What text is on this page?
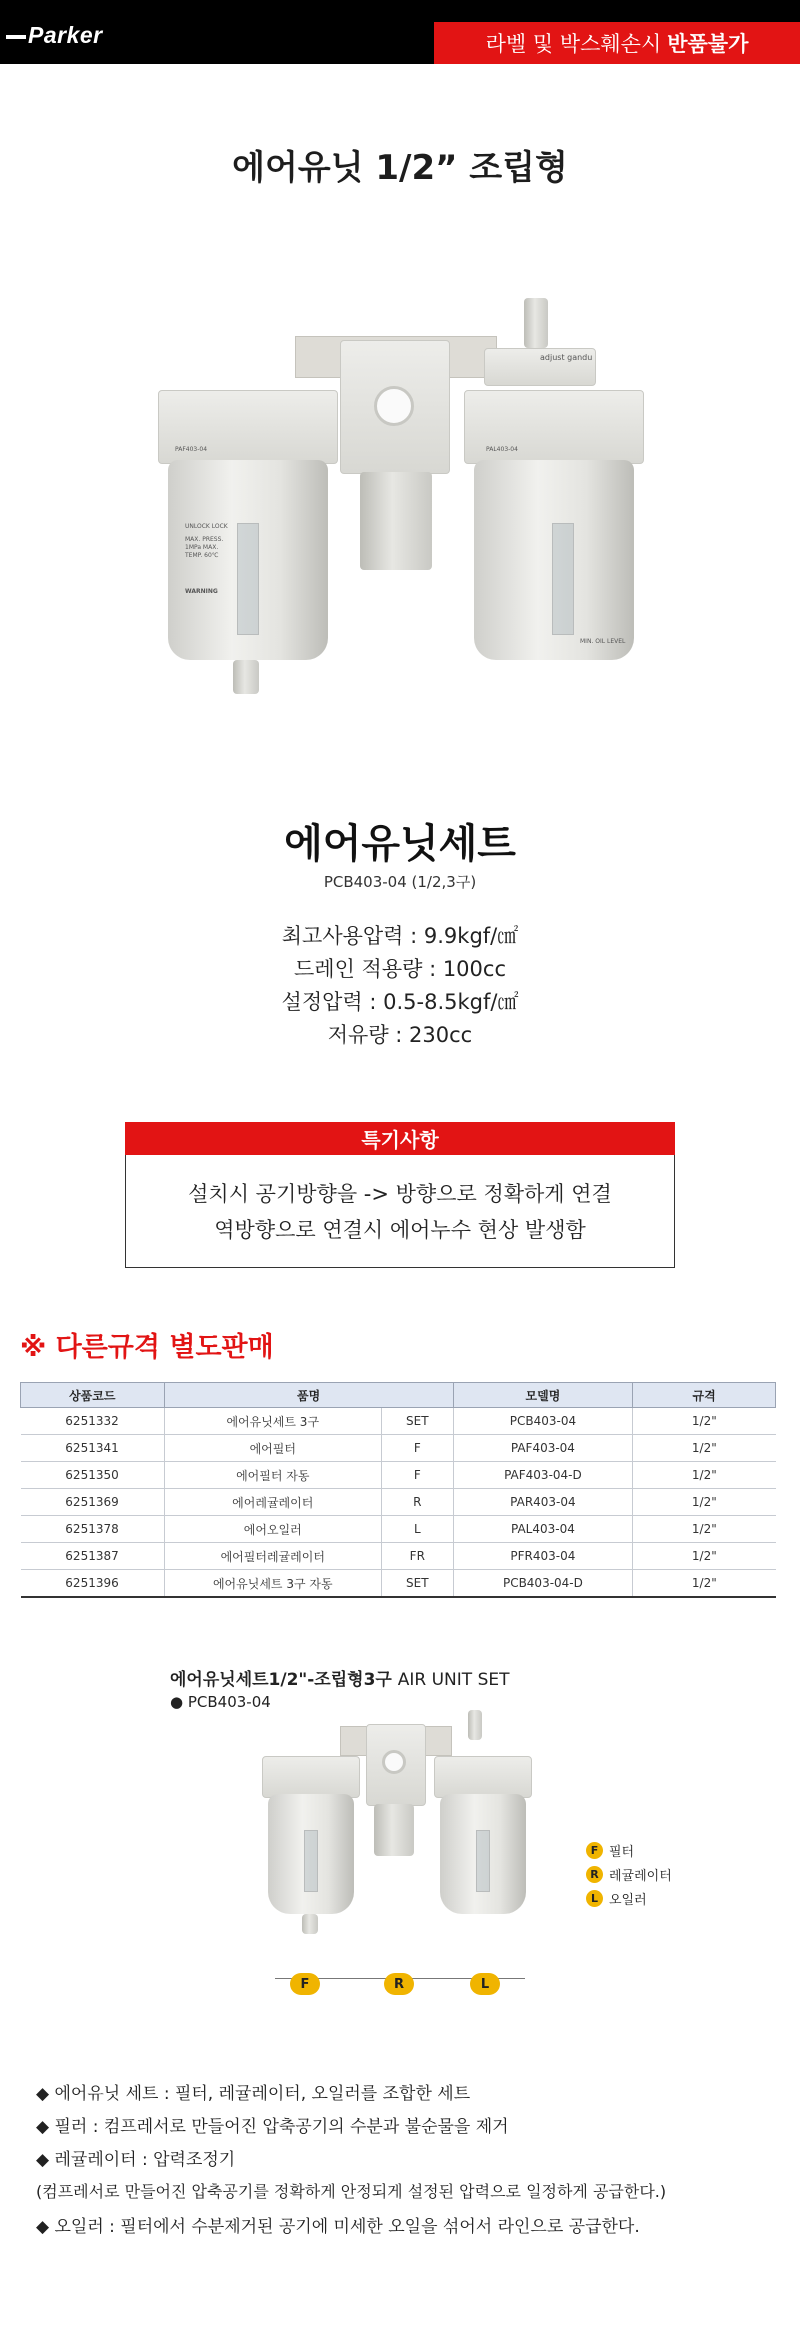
Parker	라벨 및 박스훼손시 반품불가
에어유닛 1/2” 조립형
PAF403-04
UNLOCK LOCK
MAX. PRESS. 1MPa MAX. TEMP. 60℃
WARNING
adjust gandu
PAL403-04
MIN. OIL LEVEL
에어유닛세트
PCB403-04 (1/2,3구)
최고사용압력 : 9.9kgf/㎠
드레인 적용량 : 100cc
설정압력 : 0.5-8.5kgf/㎠
저유량 : 230cc
특기사항
설치시 공기방향을 -> 방향으로 정확하게 연결
역방향으로 연결시 에어누수 현상 발생함
※ 다른규격 별도판매
상품코드	품명		모델명	규격
6251332	에어유닛세트 3구	SET	PCB403-04	1/2"
6251341	에어필터	F	PAF403-04	1/2"
6251350	에어필터 자동	F	PAF403-04-D	1/2"
6251369	에어레귤레이터	R	PAR403-04	1/2"
6251378	에어오일러	L	PAL403-04	1/2"
6251387	에어필터레귤레이터	FR	PFR403-04	1/2"
6251396	에어유닛세트 3구 자동	SET	PCB403-04-D	1/2"
에어유닛세트1/2"-조립형3구 AIR UNIT SET
● PCB403-04
F	R	L
F 필터
R 레귤레이터
L 오일러
◆ 에어유닛 세트 : 필터, 레귤레이터, 오일러를 조합한 세트
◆ 필러 : 컴프레서로 만들어진 압축공기의 수분과 불순물을 제거
◆ 레귤레이터 : 압력조정기
(컴프레서로 만들어진 압축공기를 정확하게 안정되게 설정된 압력으로 일정하게 공급한다.)
◆ 오일러 : 필터에서 수분제거된 공기에 미세한 오일을 섞어서 라인으로 공급한다.
